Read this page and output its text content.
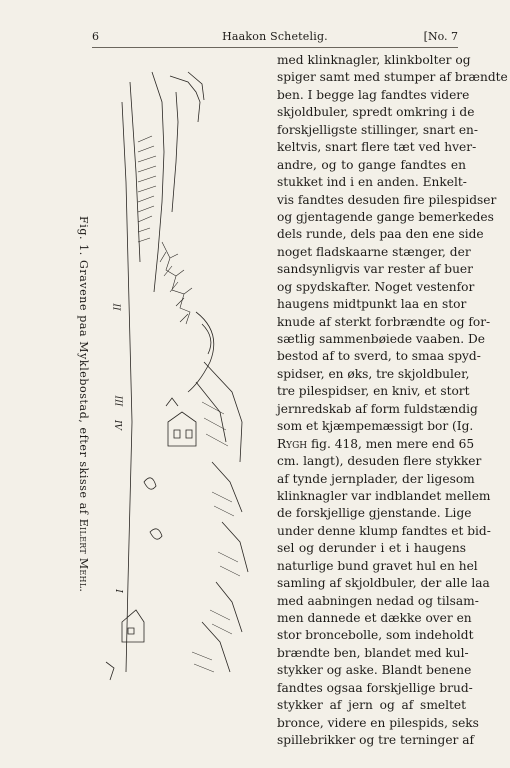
6	Haakon Schetelig.	[No. 7
Fig. 1. Gravene paa Myklebostad, efter skisse af Eilert Mehl.
II
III
IV
I
med klinknagler, klinkbolter og
spiger samt med stumper af brændte
ben. I begge lag fandtes videre
skjoldbuler, spredt omkring i de
forskjelligste stillinger, snart en-
keltvis, snart flere tæt ved hver-
andre, og to gange fandtes en
stukket ind i en anden. Enkelt-
vis fandtes desuden fire pilespidser
og gjentagende gange bemerkedes
dels runde, dels paa den ene side
noget fladskaarne stænger, der
sandsynligvis var rester af buer
og spydskafter. Noget vestenfor
haugens midtpunkt laa en stor
knude af sterkt forbrændte og for-
sætlig sammenbøiede vaaben. De
bestod af to sverd, to smaa spyd-
spidser, en øks, tre skjoldbuler,
tre pilespidser, en kniv, et stort
jernredskab af form fuldstændig
som et kjæmpemæssigt bor (Ig.
Rygh fig. 418, men mere end 65
cm. langt), desuden flere stykker
af tynde jernplader, der ligesom
klinknagler var indblandet mellem
de forskjellige gjenstande. Lige
under denne klump fandtes et bid-
sel og derunder i et i haugens
naturlige bund gravet hul en hel
samling af skjoldbuler, der alle laa
med aabningen nedad og tilsam-
men dannede et dække over en
stor broncebolle, som indeholdt
brændte ben, blandet med kul-
stykker og aske. Blandt benene
fandtes ogsaa forskjellige brud-
stykker af jern og af smeltet
bronce, videre en pilespids, seks
spillebrikker og tre terninger af
